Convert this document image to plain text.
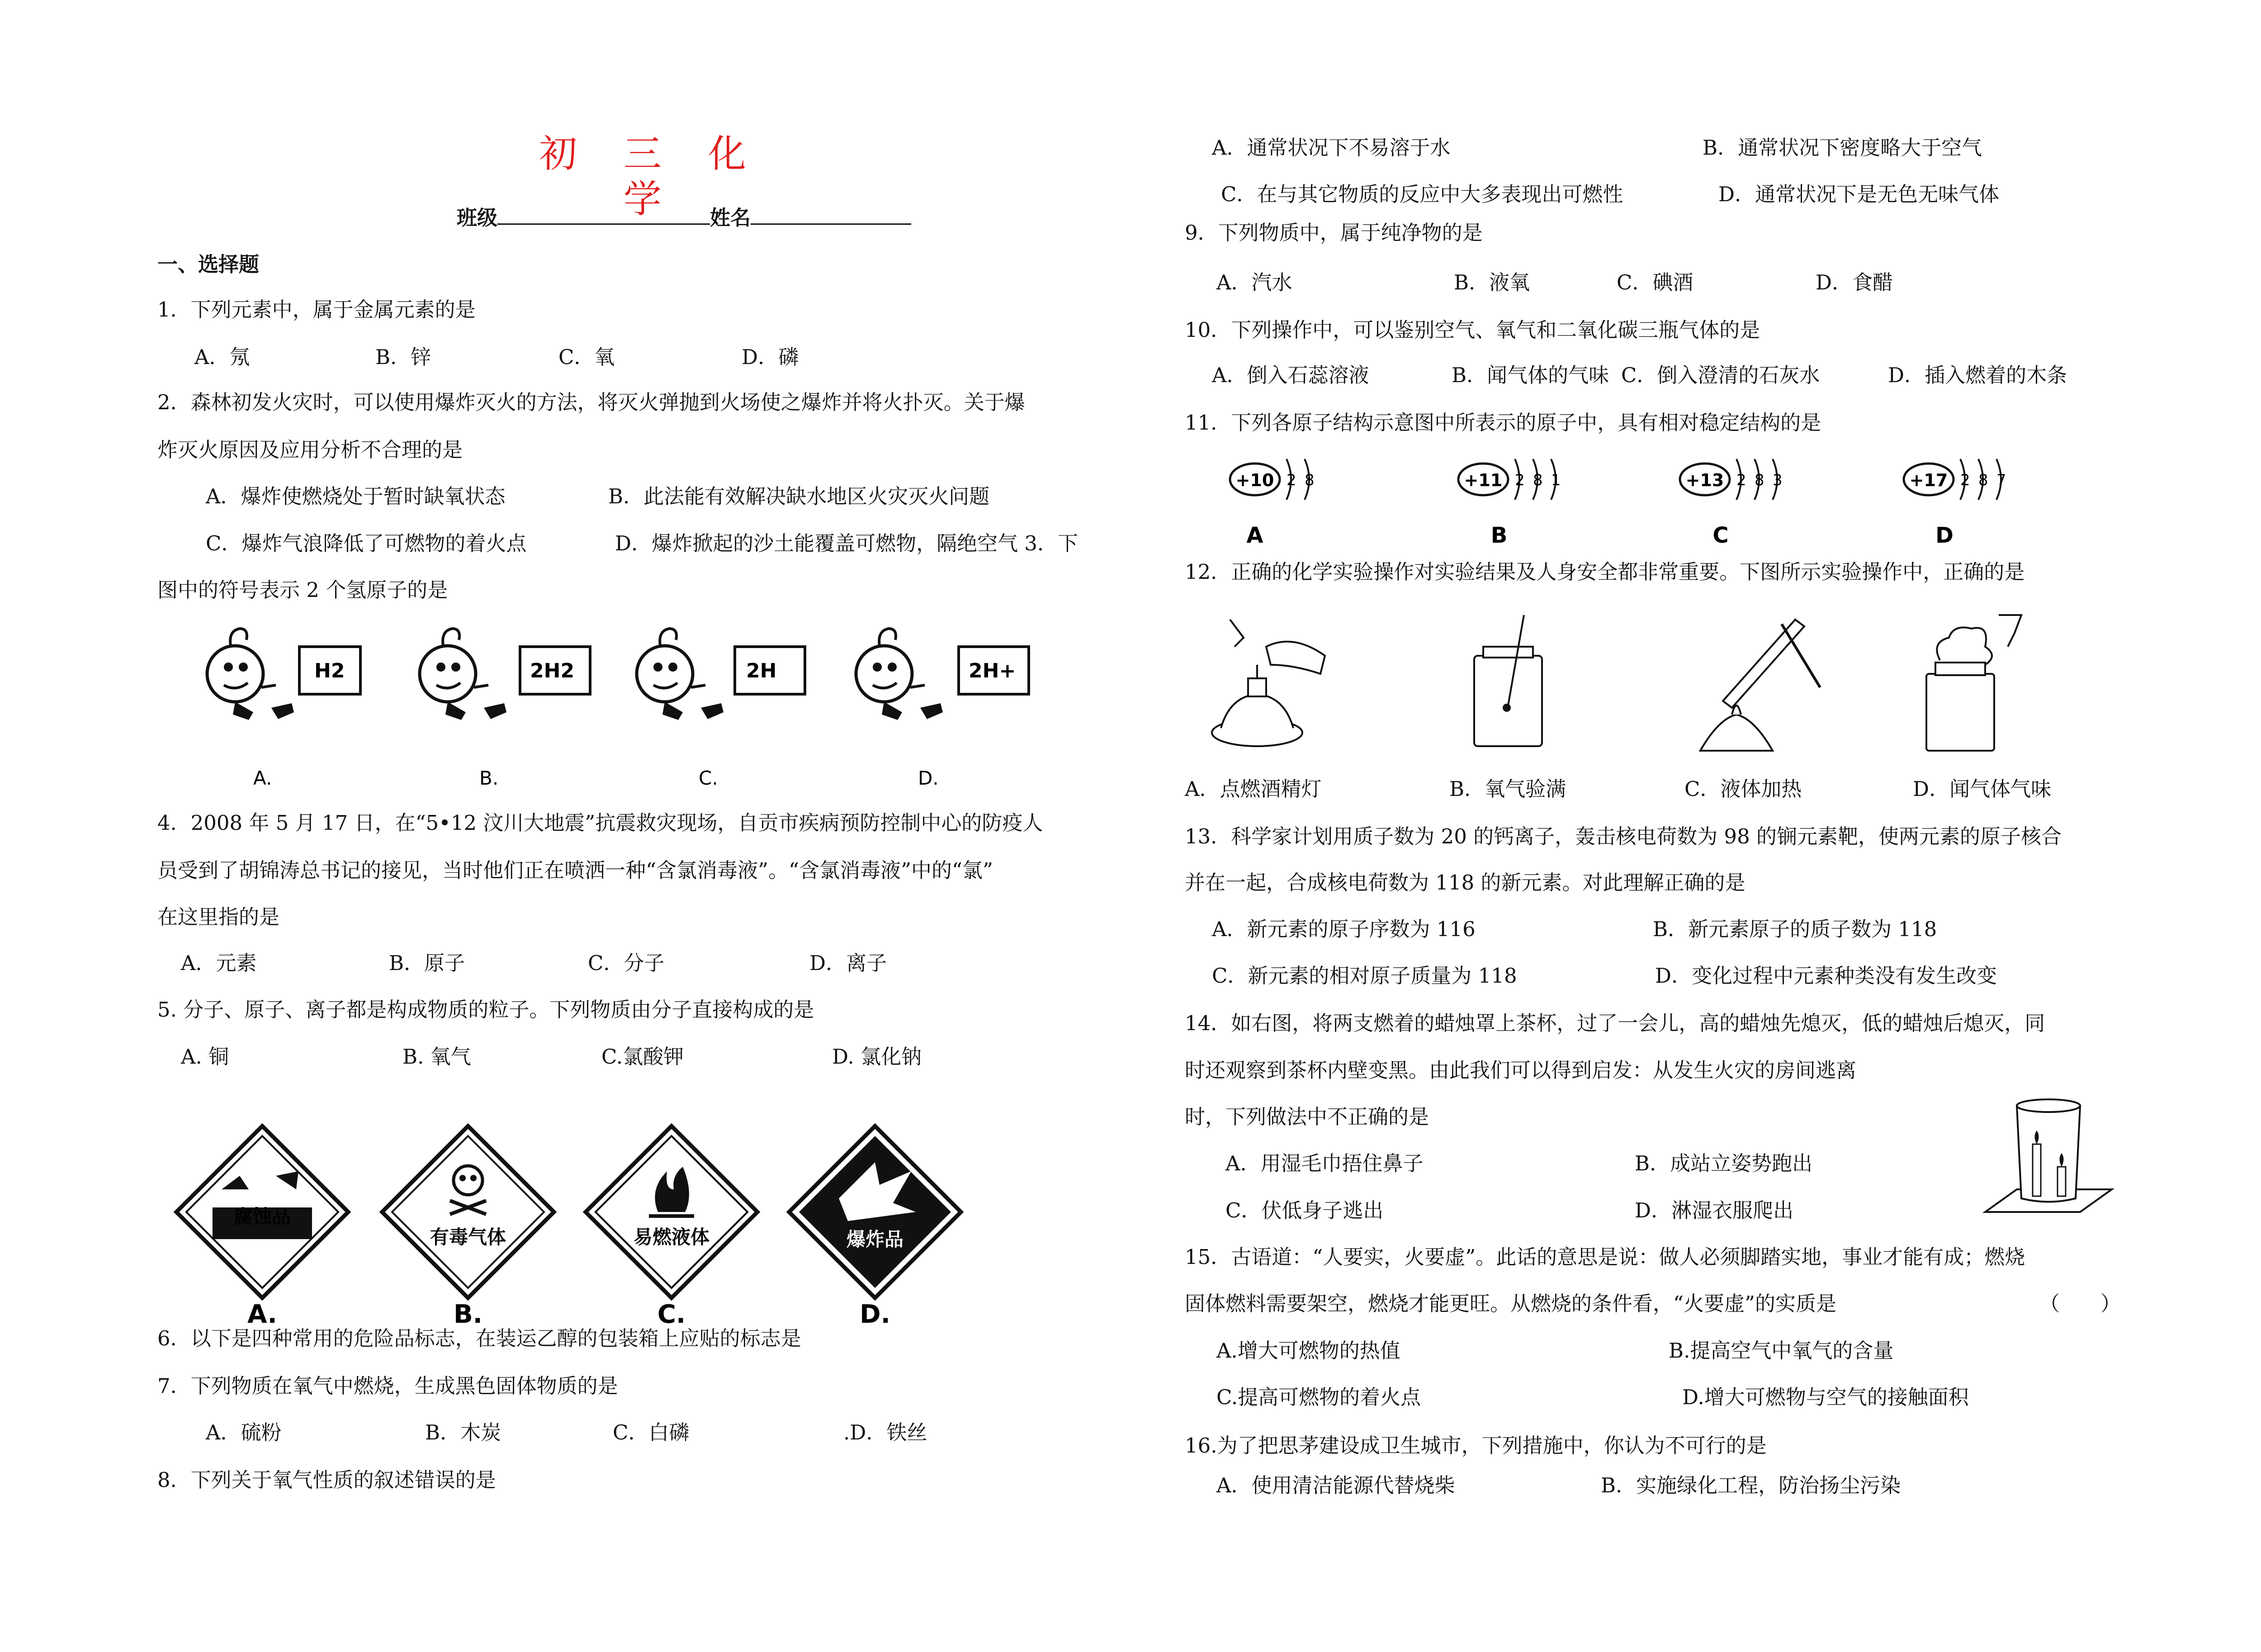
初 三 化 学
班级	姓名
一、选择题
1．下列元素中，属于金属元素的是
A．氖	B．锌	C．氧	D．磷
2．森林初发火灾时，可以使用爆炸灭火的方法，将灭火弹抛到火场使之爆炸并将火扑灭。关于爆
炸灭火原因及应用分析不合理的是
A．爆炸使燃烧处于暂时缺氧状态	B．此法能有效解决缺水地区火灾灭火问题
C．爆炸气浪降低了可燃物的着火点	D．爆炸掀起的沙土能覆盖可燃物，隔绝空气 3．下
图中的符号表示 2 个氢原子的是
H2	2H2	2H	2H+
A.	B.	C.	D.
4．2008 年 5 月 17 日，在“5•12 汶川大地震”抗震救灾现场，自贡市疾病预防控制中心的防疫人
员受到了胡锦涛总书记的接见，当时他们正在喷洒一种“含氯消毒液”。“含氯消毒液”中的“氯”
在这里指的是
A．元素	B．原子	C．分子	D．离子
5. 分子、原子、离子都是构成物质的粒子。下列物质由分子直接构成的是
A. 铜	B. 氧气	C.氯酸钾	D. 氯化钠
腐蚀品
A.
有毒气体
B.
易燃液体
C.
爆炸品
D.
6．以下是四种常用的危险品标志，在装运乙醇的包装箱上应贴的标志是
7．下列物质在氧气中燃烧，生成黑色固体物质的是
A．硫粉	B．木炭	C．白磷	.D．铁丝
8．下列关于氧气性质的叙述错误的是
A．通常状况下不易溶于水	B．通常状况下密度略大于空气
C．在与其它物质的反应中大多表现出可燃性	D．通常状况下是无色无味气体
9．下列物质中，属于纯净物的是
A．汽水	B．液氧	C．碘酒	D．食醋
10．下列操作中，可以鉴别空气、氧气和二氧化碳三瓶气体的是
A．倒入石蕊溶液	B．闻气体的气味 C．倒入澄清的石灰水	D．插入燃着的木条
11．下列各原子结构示意图中所表示的原子中，具有相对稳定结构的是
+10 2 8
A
+11 2 8 1
B
+13 2 8 3
C
+17 2 8 7
D
12．正确的化学实验操作对实验结果及人身安全都非常重要。下图所示实验操作中，正确的是
A．点燃酒精灯	B．氧气验满	C．液体加热	D．闻气体气味
13．科学家计划用质子数为 20 的钙离子，轰击核电荷数为 98 的锎元素靶，使两元素的原子核合
并在一起，合成核电荷数为 118 的新元素。对此理解正确的是
A．新元素的原子序数为 116	B．新元素原子的质子数为 118
C．新元素的相对原子质量为 118	D．变化过程中元素种类没有发生改变
14．如右图，将两支燃着的蜡烛罩上茶杯，过了一会儿，高的蜡烛先熄灭，低的蜡烛后熄灭，同
时还观察到茶杯内壁变黑。由此我们可以得到启发：从发生火灾的房间逃离
时，下列做法中不正确的是
A．用湿毛巾捂住鼻子	B．成站立姿势跑出
C．伏低身子逃出	D．淋湿衣服爬出
15．古语道：“人要实，火要虚”。此话的意思是说：做人必须脚踏实地，事业才能有成；燃烧
固体燃料需要架空，燃烧才能更旺。从燃烧的条件看，“火要虚”的实质是	（　　）
A.增大可燃物的热值	B.提高空气中氧气的含量
C.提高可燃物的着火点	D.增大可燃物与空气的接触面积
16.为了把思茅建设成卫生城市，下列措施中，你认为不可行的是
A．使用清洁能源代替烧柴	B．实施绿化工程，防治扬尘污染
